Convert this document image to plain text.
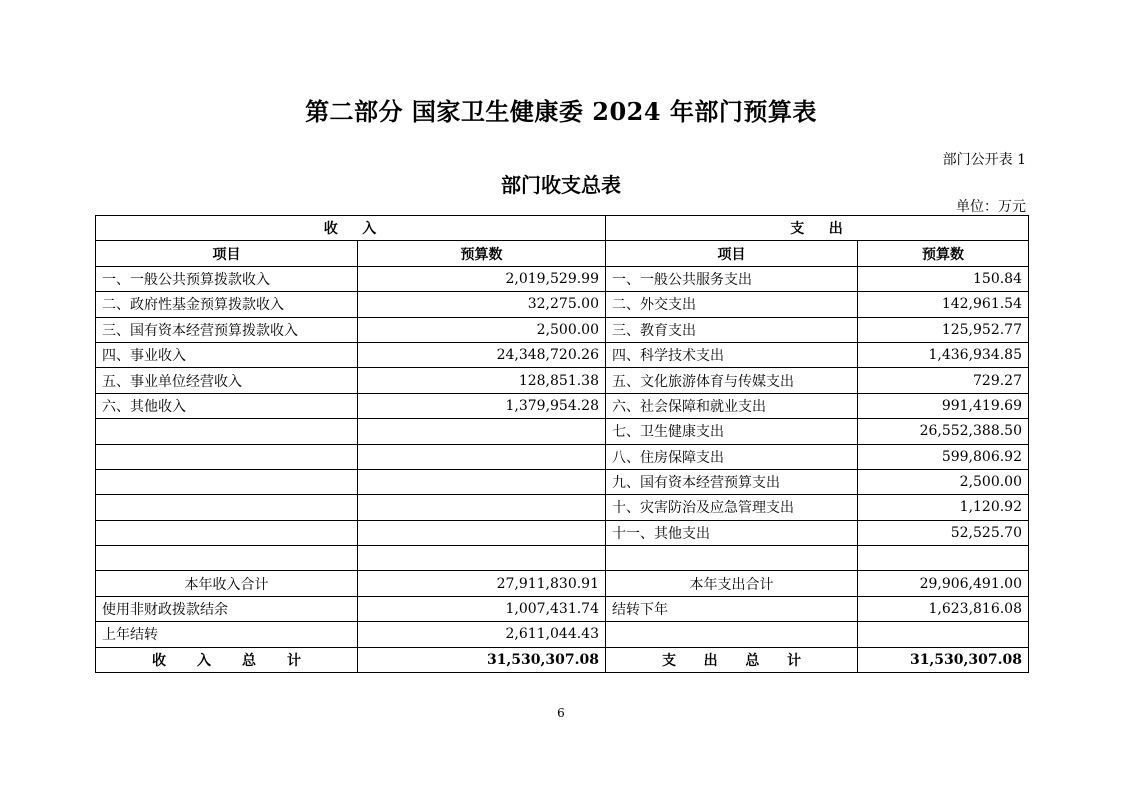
第二部分 国家卫生健康委 2024 年部门预算表
部门公开表 1
部门收支总表
单位：万元
收    入		支    出	
项目	预算数	项目	预算数
一、一般公共预算拨款收入	2,019,529.99	一、一般公共服务支出	150.84
二、政府性基金预算拨款收入	32,275.00	二、外交支出	142,961.54
三、国有资本经营预算拨款收入	2,500.00	三、教育支出	125,952.77
四、事业收入	24,348,720.26	四、科学技术支出	1,436,934.85
五、事业单位经营收入	128,851.38	五、文化旅游体育与传媒支出	729.27
六、其他收入	1,379,954.28	六、社会保障和就业支出	991,419.69
		七、卫生健康支出	26,552,388.50
		八、住房保障支出	599,806.92
		九、国有资本经营预算支出	2,500.00
		十、灾害防治及应急管理支出	1,120.92
		十一、其他支出	52,525.70

本年收入合计	27,911,830.91	本年支出合计	29,906,491.00
使用非财政拨款结余	1,007,431.74	结转下年	1,623,816.08
上年结转	2,611,044.43		

收 入 总 计	31,530,307.08	支 出 总 计	31,530,307.08
6
